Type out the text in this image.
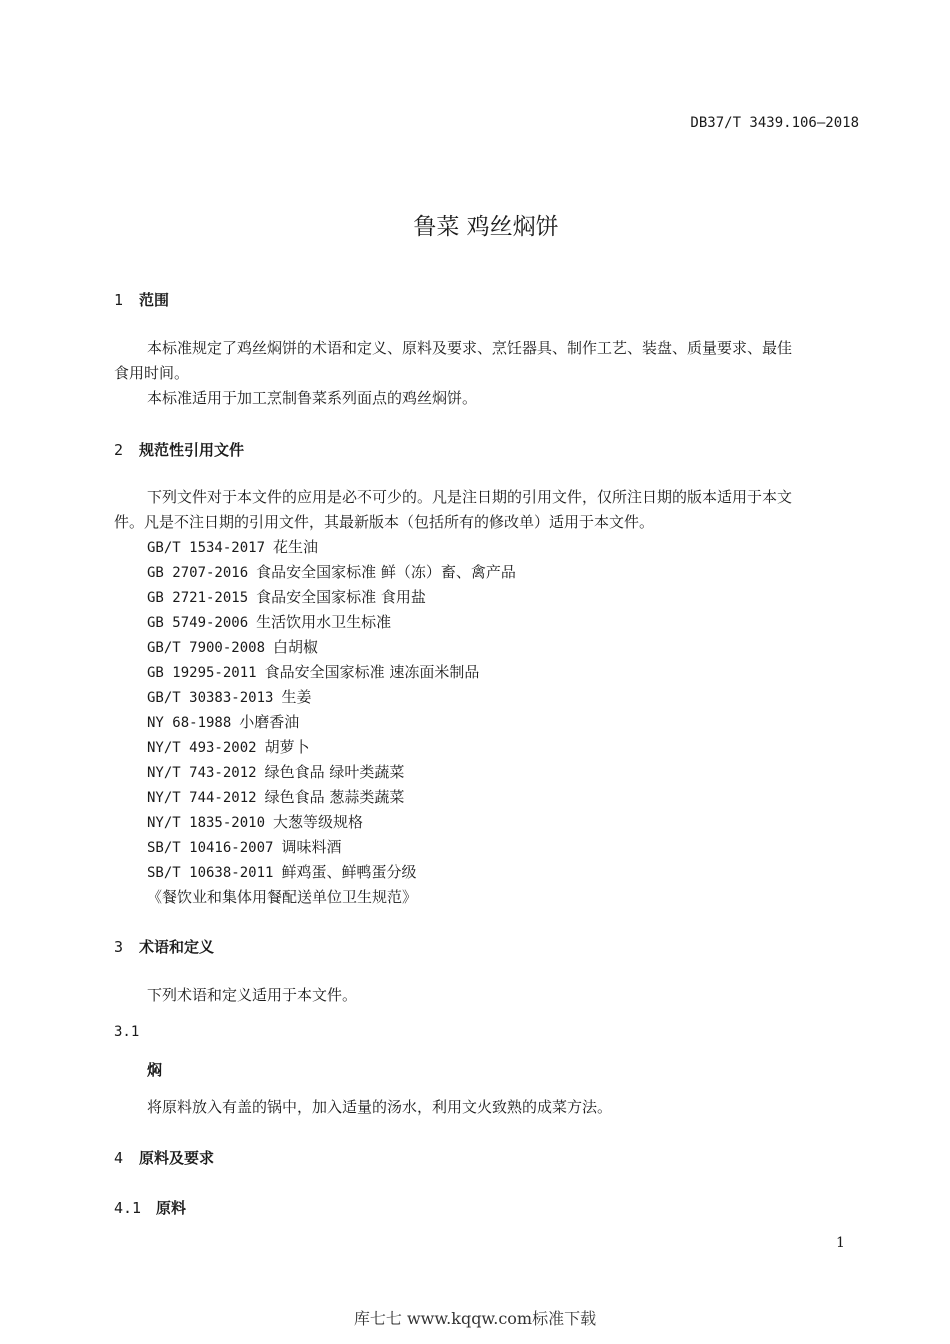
DB37/T 3439.106—2018
鲁菜 鸡丝焖饼
1 范围
本标准规定了鸡丝焖饼的术语和定义、原料及要求、烹饪器具、制作工艺、装盘、质量要求、最佳
食用时间。
本标准适用于加工烹制鲁菜系列面点的鸡丝焖饼。
2 规范性引用文件
下列文件对于本文件的应用是必不可少的。凡是注日期的引用文件，仅所注日期的版本适用于本文
件。凡是不注日期的引用文件，其最新版本（包括所有的修改单）适用于本文件。
GB/T 1534-2017 花生油
GB 2707-2016 食品安全国家标准 鲜（冻）畜、禽产品
GB 2721-2015 食品安全国家标准 食用盐
GB 5749-2006 生活饮用水卫生标准
GB/T 7900-2008 白胡椒
GB 19295-2011 食品安全国家标准 速冻面米制品
GB/T 30383-2013 生姜
NY 68-1988 小磨香油
NY/T 493-2002 胡萝卜
NY/T 743-2012 绿色食品 绿叶类蔬菜
NY/T 744-2012 绿色食品 葱蒜类蔬菜
NY/T 1835-2010 大葱等级规格
SB/T 10416-2007 调味料酒
SB/T 10638-2011 鲜鸡蛋、鲜鸭蛋分级
《餐饮业和集体用餐配送单位卫生规范》
3 术语和定义
下列术语和定义适用于本文件。
3.1
焖
将原料放入有盖的锅中，加入适量的汤水，利用文火致熟的成菜方法。
4 原料及要求
4.1 原料
1
库七七 www.kqqw.com标准下载
